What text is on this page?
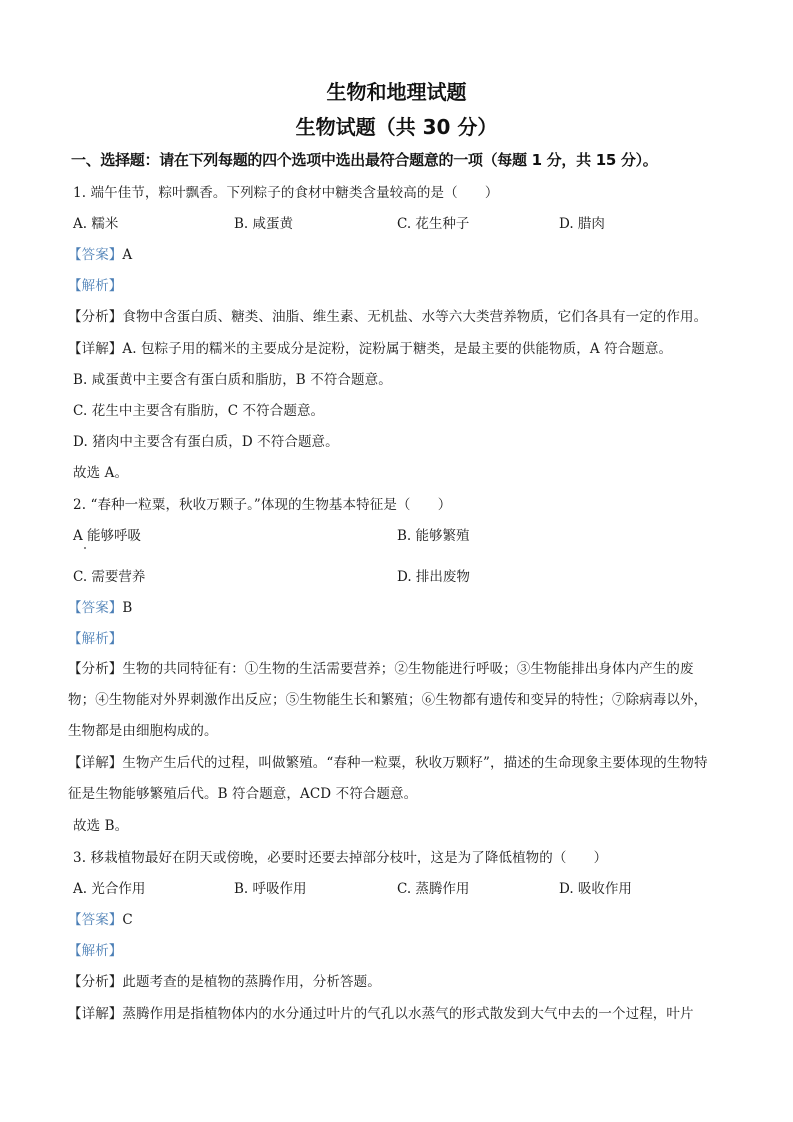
生物和地理试题
生物试题（共 30 分）
一、选择题：请在下列每题的四个选项中选出最符合题意的一项（每题 1 分，共 15 分）。
1. 端午佳节，粽叶飘香。下列粽子的食材中糖类含量较高的是（　　）
A. 糯米	B. 咸蛋黄	C. 花生种子	D. 腊肉
【答案】A
【解析】
【分析】食物中含蛋白质、糖类、油脂、维生素、无机盐、水等六大类营养物质，它们各具有一定的作用。
【详解】A. 包粽子用的糯米的主要成分是淀粉，淀粉属于糖类，是最主要的供能物质，A 符合题意。
B. 咸蛋黄中主要含有蛋白质和脂肪，B 不符合题意。
C. 花生中主要含有脂肪，C 不符合题意。
D. 猪肉中主要含有蛋白质，D 不符合题意。
故选 A。
2. “春种一粒粟，秋收万颗子。”体现的生物基本特征是（　　）
A 能够呼吸	B. 能够繁殖
C. 需要营养	D. 排出废物
【答案】B
【解析】
【分析】生物的共同特征有：①生物的生活需要营养；②生物能进行呼吸；③生物能排出身体内产生的废物；④生物能对外界刺激作出反应；⑤生物能生长和繁殖；⑥生物都有遗传和变异的特性；⑦除病毒以外，生物都是由细胞构成的。
【详解】生物产生后代的过程，叫做繁殖。“春种一粒粟，秋收万颗籽”，描述的生命现象主要体现的生物特征是生物能够繁殖后代。B 符合题意，ACD 不符合题意。
故选 B。
3. 移栽植物最好在阴天或傍晚，必要时还要去掉部分枝叶，这是为了降低植物的（　　）
A. 光合作用	B. 呼吸作用	C. 蒸腾作用	D. 吸收作用
【答案】C
【解析】
【分析】此题考查的是植物的蒸腾作用，分析答题。
【详解】蒸腾作用是指植物体内的水分通过叶片的气孔以水蒸气的形式散发到大气中去的一个过程，叶片
